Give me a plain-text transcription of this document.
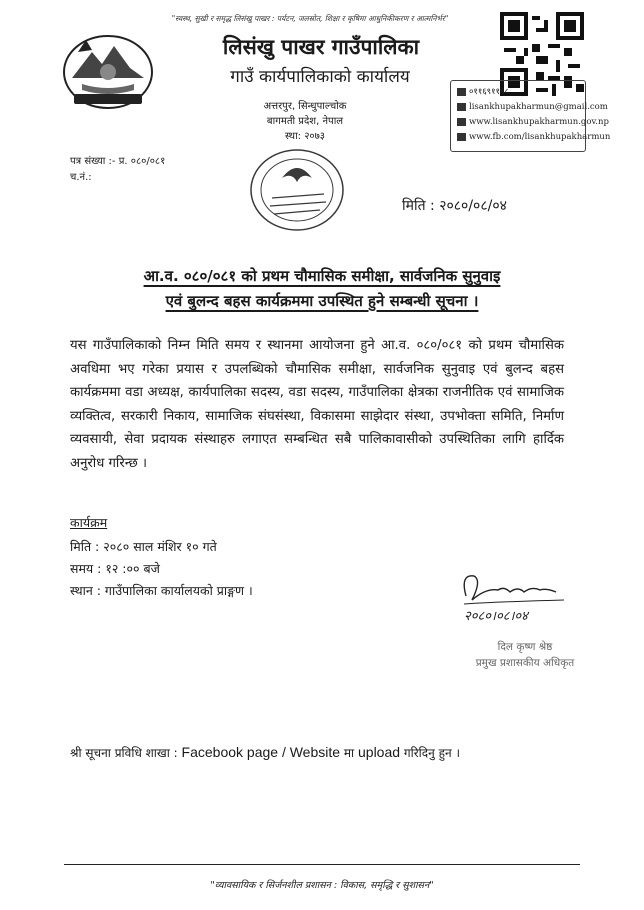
"स्वस्थ, सुखी र समृद्ध लिसंखु पाखर : पर्यटन, जलस्रोत, शिक्षा र कृषिमा आधुनिकीकरण र आत्मनिर्भर"
लिसंखु पाखर गाउँपालिका
गाउँ कार्यपालिकाको कार्यालय
अत्तरपुर, सिन्धुपाल्चोक
बागमती प्रदेश, नेपाल
स्था: २०७३
०११६९११९८
lisankhupakharmun@gmail.com
www.lisankhupakharmun.gov.np
www.fb.com/lisankhupakharmun
पत्र संख्या :- प्र. ०८०/०८१
च.नं.:
मिति : २०८०/०८/०४
आ.व. ०८०/०८१ को प्रथम चौमासिक समीक्षा, सार्वजनिक सुनुवाइ
एवं बुलन्द बहस कार्यक्रममा उपस्थित हुने सम्बन्धी सूचना ।
यस गाउँपालिकाको निम्न मिति समय र स्थानमा आयोजना हुने आ.व. ०८०/०८१ को प्रथम चौमासिक अवधिमा भए गरेका प्रयास र उपलब्धिको चौमासिक समीक्षा, सार्वजनिक सुनुवाइ एवं बुलन्द बहस कार्यक्रममा वडा अध्यक्ष, कार्यपालिका सदस्य, वडा सदस्य, गाउँपालिका क्षेत्रका राजनीतिक एवं सामाजिक व्यक्तित्व, सरकारी निकाय, सामाजिक संघसंस्था, विकासमा साझेदार संस्था, उपभोक्ता समिति, निर्माण व्यवसायी, सेवा प्रदायक संस्थाहरु लगाएत सम्बन्धित सबै पालिकावासीको उपस्थितिका लागि हार्दिक अनुरोध गरिन्छ ।
कार्यक्रम
मिति : २०८० साल मंशिर १० गते
समय : १२ :०० बजे
स्थान : गाउँपालिका कार्यालयको प्राङ्गण ।
२०८०।०८।०४
दिल कृष्ण श्रेष्ठ
प्रमुख प्रशासकीय अधिकृत
श्री सूचना प्रविधि शाखा : Facebook page / Website मा upload गरिदिनु हुन ।
"व्यावसायिक र सिर्जनशील प्रशासन : विकास, समृद्धि र सुशासन"
